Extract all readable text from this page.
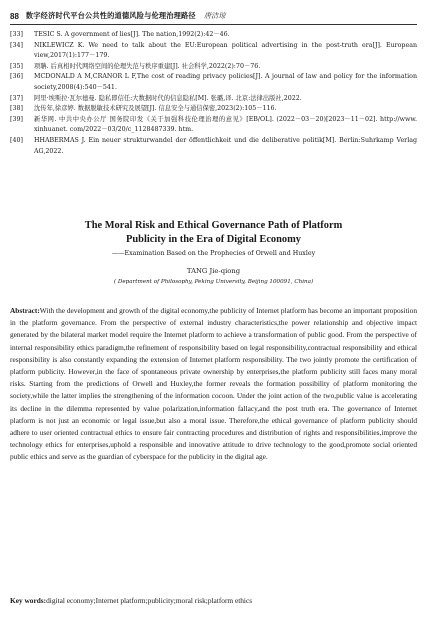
88 数字经济时代平台公共性的道德风险与伦理治理路径 唐洁琼
[33]	TESIC S. A government of lies[J]. The nation,1992(2):42－46.
[34]	NIKLEWICZ K. We need to talk about the EU:European political advertising in the post-truth era[J]. European view,2017(1):177－179.
[35]	项聃. 后真相时代网络空间的伦理失范与秩序重建[J]. 社会科学,2022(2):70－76.
[36]	MCDONALD A M,CRANOR L F,The cost of reading privacy policies[J]. A journal of law and policy for the information society,2008(4):540－541.
[37]	阿里·埃斯拉·瓦尔德曼. 隐私即信任:大数据时代的信息隐私[M]. 张璐,译. 北京:法律出版社,2022.
[38]	沈传年,徐彦婷. 数据脱敏技术研究及展望[J]. 信息安全与通信保密,2023(2):105－116.
[39]	新华网. 中共中央办公厅 国务院印发《关于加强科技伦理治理的意见》[EB/OL]. (2022－03－20)[2023－11－02]. http://www. xinhuanet. com/2022－03/20/c_1128487339. htm.
[40]	HHABERMAS J. Ein neuer strukturwandel der öffentlichkeit und die deliberative politik[M]. Berlin:Suhrkamp Verlag AG,2022.
The Moral Risk and Ethical Governance Path of Platform
Publicity in the Era of Digital Economy
——Examination Based on the Prophecies of Orwell and Huxley
TANG Jie-qiong
( Department of Philosophy, Peking University, Beijing 100091, China)
Abstract:With the development and growth of the digital economy,the publicity of Internet platform has become an important proposition in the platform governance. From the perspective of external industry characteristics,the power relationship and objective impact generated by the bilateral market model require the Internet platform to achieve a transformation of public good. From the perspective of internal responsibility ethics paradigm,the refinement of responsibility based on legal responsibility,contractual responsibility and ethical responsibility is also constantly expanding the extension of Internet platform responsibility. The two jointly promote the certification of platform publicity. However,in the face of spontaneous private ownership by enterprises,the platform publicity still faces many moral risks. Starting from the predictions of Orwell and Huxley,the former reveals the formation possibility of platform monitoring the society,while the latter implies the strengthening of the information cocoon. Under the joint action of the two,public value is accelerating its decline in the dilemma represented by value polarization,information fallacy,and the post truth era. The governance of Internet platform is not just an economic or legal issue,but also a moral issue. Therefore,the ethical governance of platform publicity should adhere to user oriented contractual ethics to ensure fair contracting procedures and distribution of rights and responsibilities,improve the technology ethics for enterprises,uphold a responsible and innovative attitude to drive technology to the good,promote social oriented public ethics and serve as the guardian of cyberspace for the publicity in the digital age.
Key words:digital economy;Internet platform;publicity;moral risk;platform ethics
